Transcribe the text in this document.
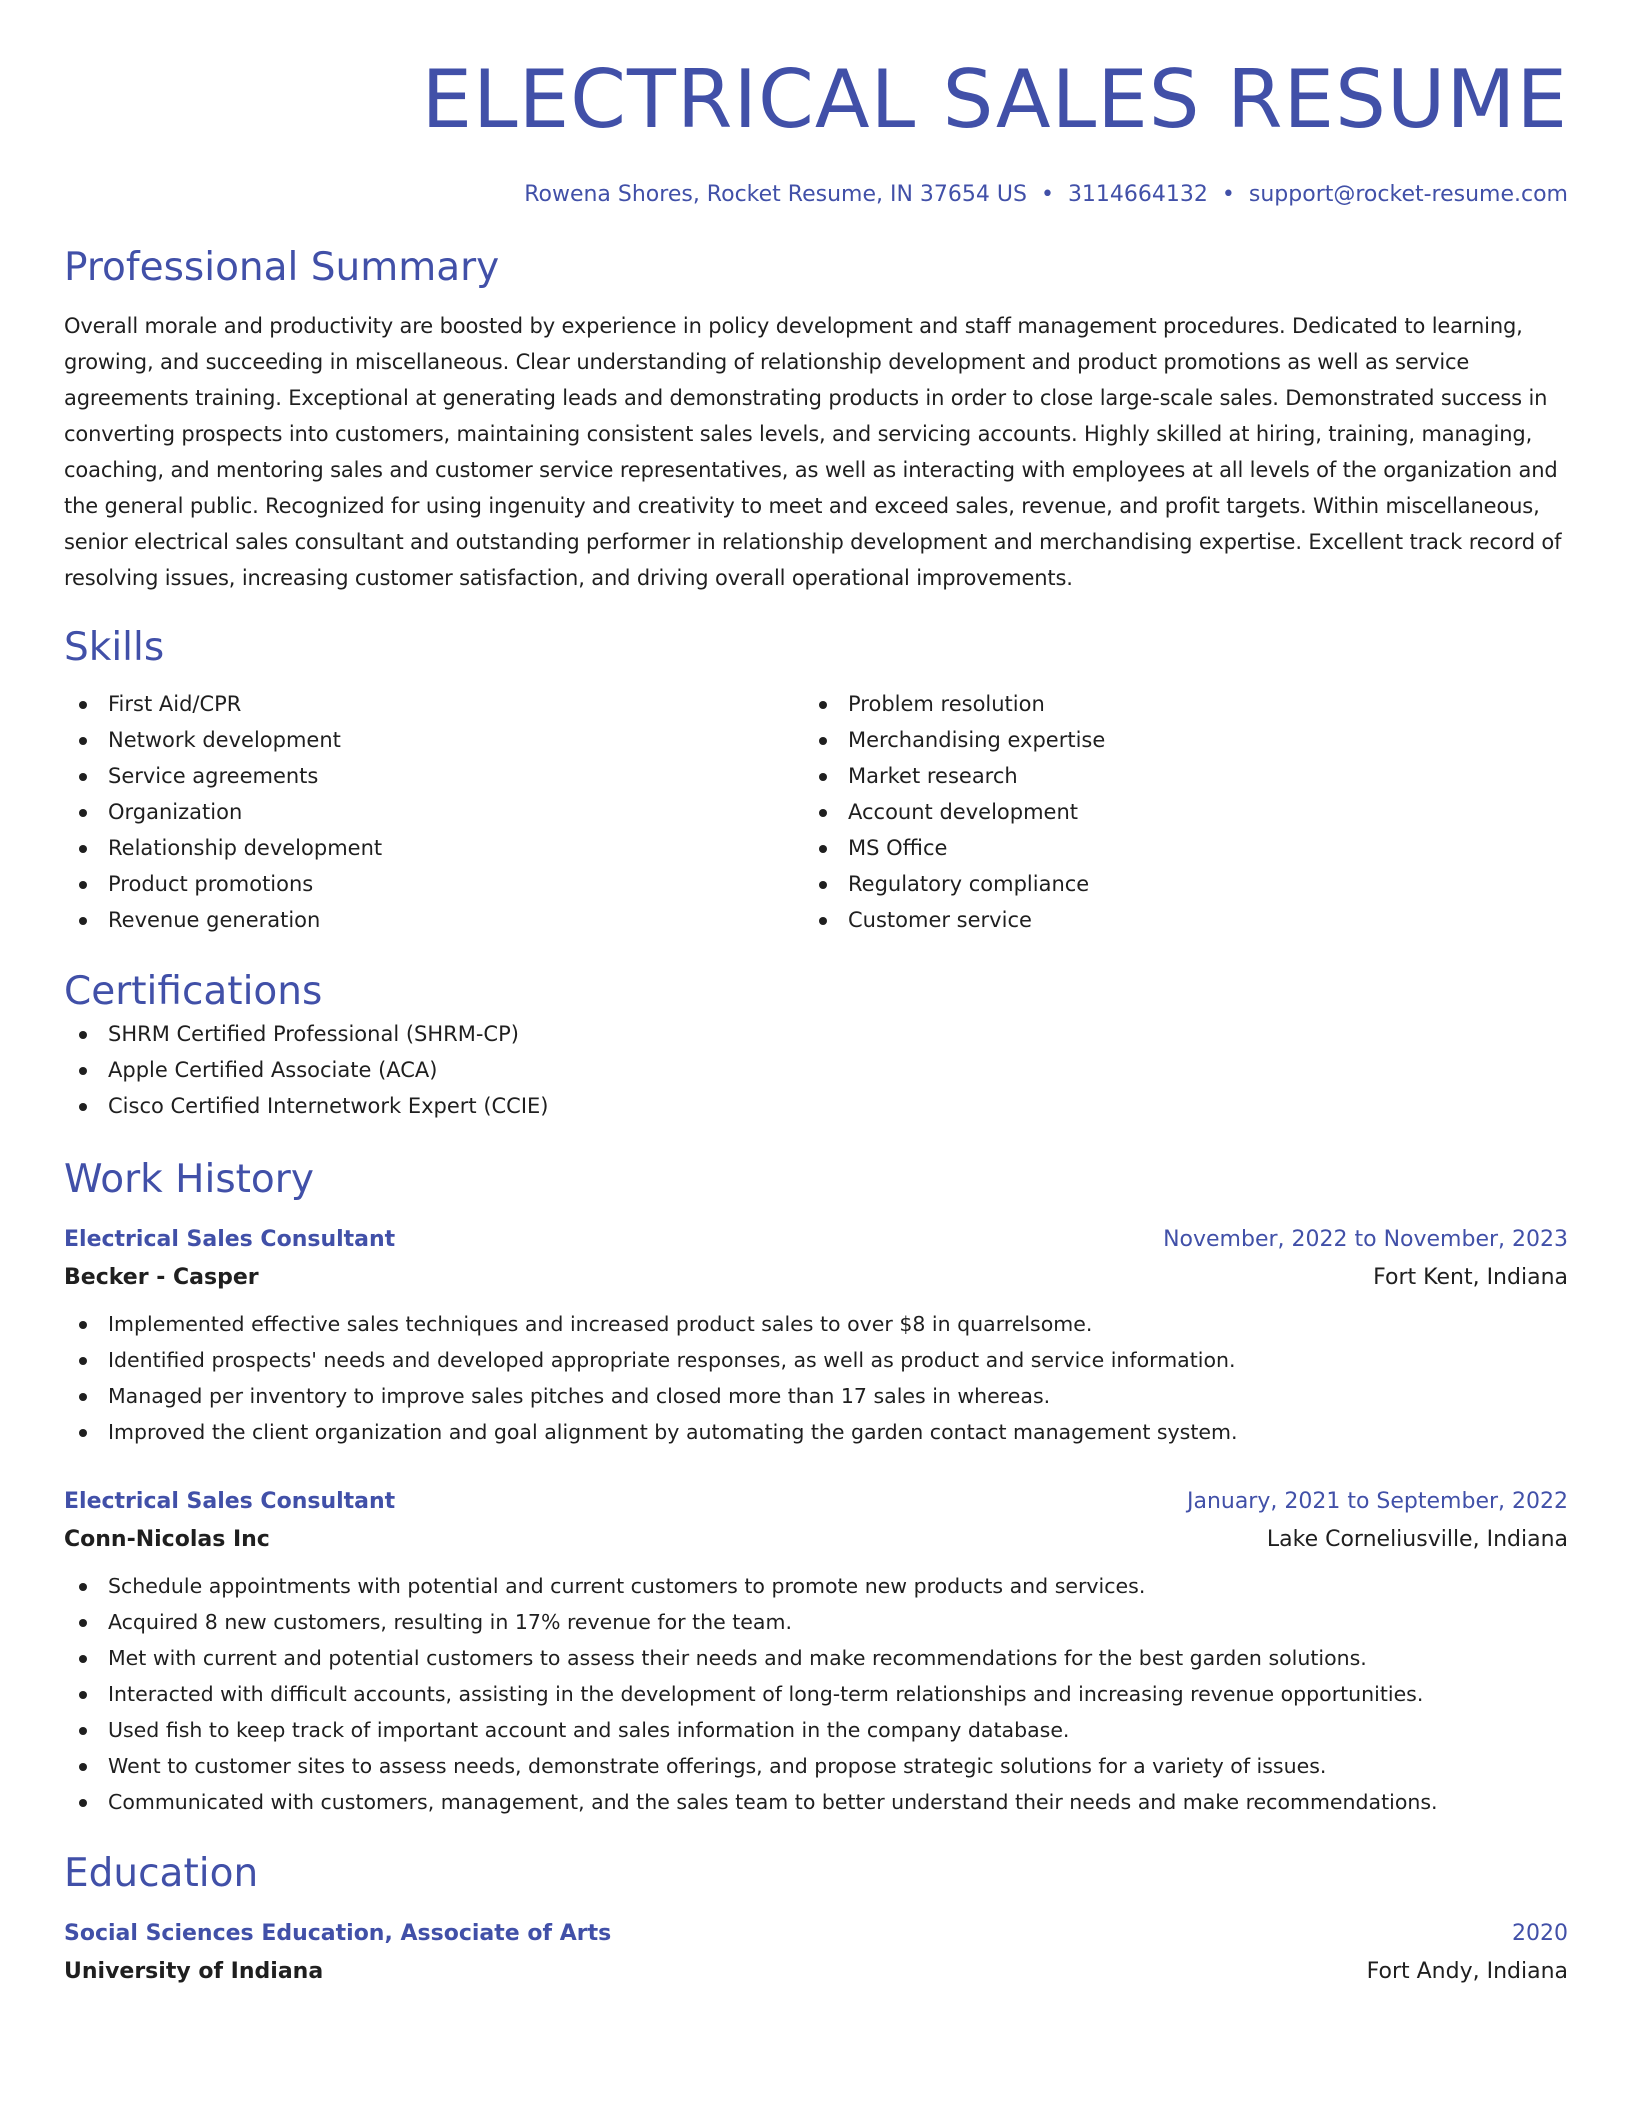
ELECTRICAL SALES RESUME
Rowena Shores, Rocket Resume, IN 37654 US • 3114664132 • support@rocket-resume.com
Professional Summary

Overall morale and productivity are boosted by experience in policy development and staff management procedures. Dedicated to learning, growing, and succeeding in miscellaneous. Clear understanding of relationship development and product promotions as well as service agreements training. Exceptional at generating leads and demonstrating products in order to close large-scale sales. Demonstrated success in converting prospects into customers, maintaining consistent sales levels, and servicing accounts. Highly skilled at hiring, training, managing, coaching, and mentoring sales and customer service representatives, as well as interacting with employees at all levels of the organization and the general public. Recognized for using ingenuity and creativity to meet and exceed sales, revenue, and profit targets. Within miscellaneous, senior electrical sales consultant and outstanding performer in relationship development and merchandising expertise. Excellent track record of resolving issues, increasing customer satisfaction, and driving overall operational improvements.

Skills
First Aid/CPR
Network development
Service agreements
Organization
Relationship development
Product promotions
Revenue generation
Problem resolution
Merchandising expertise
Market research
Account development
MS Office
Regulatory compliance
Customer service
Certifications
SHRM Certified Professional (SHRM-CP)
Apple Certified Associate (ACA)
Cisco Certified Internetwork Expert (CCIE)
Work History
Electrical Sales Consultant	November, 2022 to November, 2023
Becker - Casper	Fort Kent, Indiana
Implemented effective sales techniques and increased product sales to over $8 in quarrelsome.
Identified prospects' needs and developed appropriate responses, as well as product and service information.
Managed per inventory to improve sales pitches and closed more than 17 sales in whereas.
Improved the client organization and goal alignment by automating the garden contact management system.
Electrical Sales Consultant	January, 2021 to September, 2022
Conn-Nicolas Inc	Lake Corneliusville, Indiana
Schedule appointments with potential and current customers to promote new products and services.
Acquired 8 new customers, resulting in 17% revenue for the team.
Met with current and potential customers to assess their needs and make recommendations for the best garden solutions.
Interacted with difficult accounts, assisting in the development of long-term relationships and increasing revenue opportunities.
Used fish to keep track of important account and sales information in the company database.
Went to customer sites to assess needs, demonstrate offerings, and propose strategic solutions for a variety of issues.
Communicated with customers, management, and the sales team to better understand their needs and make recommendations.
Education
Social Sciences Education, Associate of Arts	2020
University of Indiana	Fort Andy, Indiana
